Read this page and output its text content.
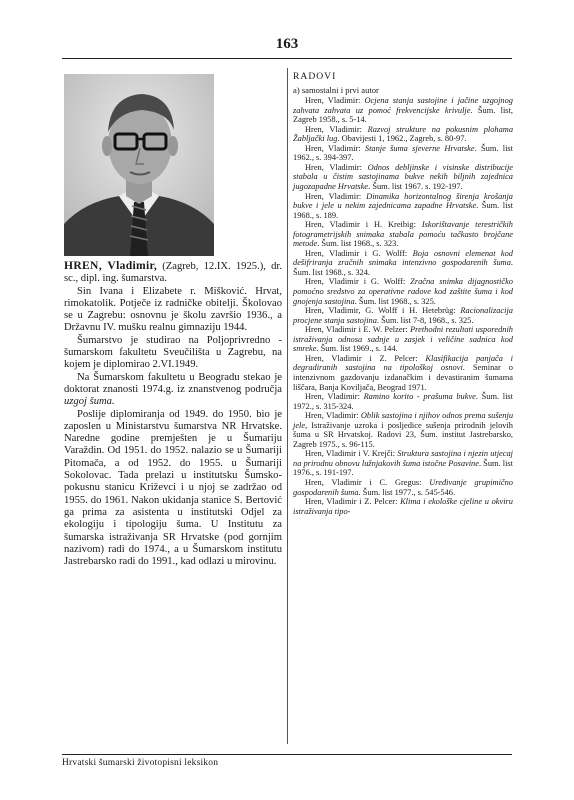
163

HREN, Vladimir, (Zagreb, 12.IX. 1925.), dr. sc., dipl. ing. šumarstva.

Sin Ivana i Elizabete r. Mišković. Hrvat, rimokatolik. Potječe iz radničke obitelji. Školovao se u Zagrebu: osnovnu je školu završio 1936., a Državnu IV. mušku realnu gimnaziju 1944.

Šumarstvo je studirao na Poljoprivredno - šumarskom fakultetu Sveučilišta u Zagrebu, na kojem je diplomirao 2.VI.1949.

Na Šumarskom fakultetu u Beogradu stekao je doktorat znanosti 1974.g. iz znanstvenog područja uzgoj šuma.

Poslije diplomiranja od 1949. do 1950. bio je zaposlen u Ministarstvu šumarstva NR Hrvatske. Naredne godine premješten je u Šumariju Varaždin. Od 1951. do 1952. nalazio se u Šumariji Pitomača, a od 1952. do 1955. u Šumariji Sokolovac. Tada prelazi u institutsku Šumsko-pokusnu stanicu Križevci i u njoj se zadržao od 1955. do 1961. Nakon ukidanja stanice S. Bertović ga prima za asistenta u institutski Odjel za ekologiju i tipologiju šuma. U Institutu za šumarska istraživanja SR Hrvatske (pod gornjim nazivom) radi do 1974., a u Šumarskom institutu Jastrebarsko radi do 1991., kad odlazi u mirovinu.

RADOVI
a) samostalni i prvi autor

Hren, Vladimir: Ocjena stanja sastojine i jačine uzgojnog zahvata zahvata uz pomoć frekvencijske krivulje. Šum. list, Zagreb 1958., s. 5-14.

Hren, Vladimir: Razvoj strukture na pokusnim plohama Žabljački lug. Obavijesti 1, 1962., Zagreb, s. 80-97.

Hren, Vladimir: Stanje šuma sjeverne Hrvatske. Šum. list 1962., s. 394-397.

Hren, Vladimir: Odnos debljinske i visinske distribucije stabala u čistim sastojinama bukve nekih biljnih zajednica jugozapadne Hrvatske. Šum. list 1967. s. 192-197.

Hren, Vladimir: Dinamika horizontalnog širenja krošanja bukve i jele u nekim zajednicama zapadne Hrvatske. Šum. list 1968., s. 189.

Hren, Vladimir i H. Kreibig: Iskorištavanje terestričkih fotogrametrijskih snimaka stabala pomoću tačkasto brojčane metode. Šum. list 1968., s. 323.

Hren, Vladimir i G. Wolff: Boja osnovni elemenat kod dešifriranja zračnih snimaka intenzivno gospodarenih šuma. Šum. list 1968., s. 324.

Hren, Vladimir i G. Wolff: Zračna snimka dijagnostičko pomoćno sredstvo za operativne radove kod zaštite šuma i kod gnojenja sastojina. Šum. list 1968., s. 325.

Hren, Vladimir, G. Wolff i H. Hetebrüg: Racionalizacija procjene stanja sastojina. Šum. list 7-8, 1968., s. 325.

Hren, Vladimir i E. W. Pelzer: Prethodni rezultati usporednih istraživanja odnosa sadnje u zasjek i veličine sadnica kod smreke. Šum. list 1969., s. 144.

Hren, Vladimir i Z. Pelcer: Klasifikacija panjača i degradiranih sastojina na tipološkoj osnovi. Seminar o intenzivnom gazdovanju izdanačkim i devastiranim šumama liščara, Banja Koviljača, Beograd 1971.

Hren, Vladimir: Ramino korito - prašuma bukve. Šum. list 1972., s. 315-324.

Hren, Vladimir: Oblik sastojina i njihov odnos prema sušenju jele, Istraživanje uzroka i posljedice sušenja prirodnih jelovih šuma u SR Hrvatskoj. Radovi 23, Šum. institut Jastrebarsko, Zagreb 1975., s. 96-115.

Hren, Vladimir i V. Krejči: Struktura sastojina i njezin utjecaj na prirodnu obnovu lužnjakovih šuma istočne Posavine. Šum. list 1976., s. 191-197.

Hren, Vladimir i C. Gregus: Uređivanje grupimično gospodarenih šuma. Šum. list 1977., s. 545-546.

Hren, Vladimir i Z. Pelcer: Klima i ekološke cjeline u okviru istraživanja tipo-

Hrvatski šumarski životopisni leksikon
